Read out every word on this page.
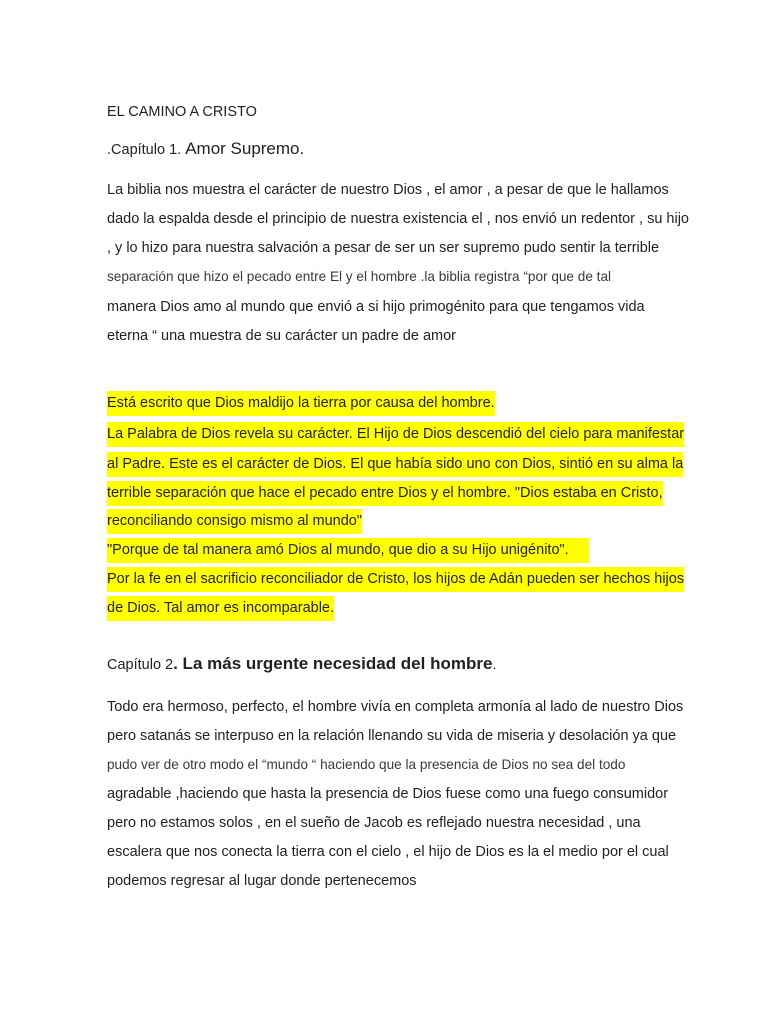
EL CAMINO A CRISTO
.Capítulo 1. Amor Supremo.
La biblia nos muestra el carácter de nuestro Dios , el amor , a pesar de que le hallamos
dado la espalda desde el principio de nuestra existencia el , nos envió un redentor , su hijo
, y lo hizo para nuestra salvación a pesar de ser un ser supremo pudo sentir la terrible
separación que hizo el pecado entre El y el hombre .la biblia registra “por que de tal
manera Dios amo al mundo que envió a si hijo primogénito para que tengamos vida
eterna “ una muestra de su carácter un padre de amor
Está escrito que Dios maldijo la tierra por causa del hombre.
La Palabra de Dios revela su carácter. El Hijo de Dios descendió del cielo para manifestar
al Padre. Este es el carácter de Dios. El que había sido uno con Dios, sintió en su alma la
terrible separación que hace el pecado entre Dios y el hombre. "Dios estaba en Cristo,
reconciliando consigo mismo al mundo"
"Porque de tal manera amó Dios al mundo, que dio a su Hijo unigénito".
Por la fe en el sacrificio reconciliador de Cristo, los hijos de Adán pueden ser hechos hijos
de Dios. Tal amor es incomparable.
Capítulo 2. La más urgente necesidad del hombre.
Todo era hermoso, perfecto, el hombre vivía en completa armonía al lado de nuestro Dios
pero satanás se interpuso en la relación llenando su vida de miseria y desolación ya que
pudo ver de otro modo el “mundo “ haciendo que la presencia de Dios no sea del todo
agradable ,haciendo que hasta la presencia de Dios fuese como una fuego consumidor
pero no estamos solos , en el sueño de Jacob es reflejado nuestra necesidad , una
escalera que nos conecta la tierra con el cielo , el hijo de Dios es la el medio por el cual
podemos regresar al lugar donde pertenecemos
